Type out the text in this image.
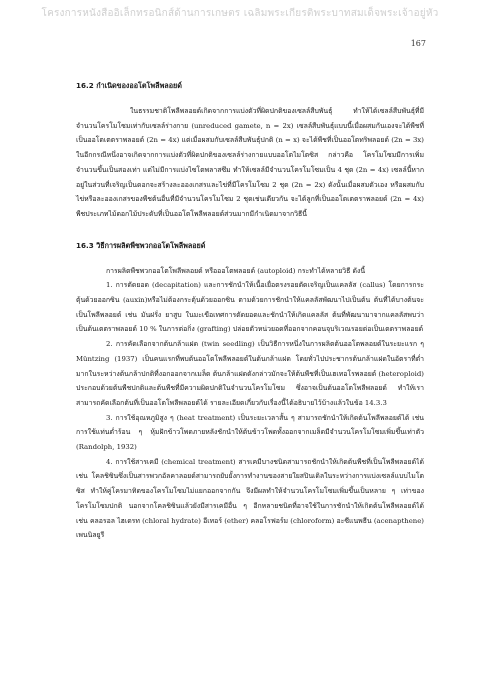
โครงการหนังสืออิเล็กทรอนิกส์ด้านการเกษตร เฉลิมพระเกียรติพระบาทสมเด็จพระเจ้าอยู่หัว
167
16.2 กำเนิดของออโตโพลีพลอยด์

ในธรรมชาติโพลีพลอยด์เกิดจากการแบ่งตัวที่ผิดปกติของเซลล์สืบพันธุ์ ทำให้ได้เซลล์สืบพันธุ์ที่มีจำนวนโครโมโซมเท่ากับเซลล์ร่างกาย (unreduced gamete, n = 2x) เซลล์สืบพันธุ์แบบนี้เมื่อผสมกันเองจะได้พืชที่เป็นออโตเตตราพลอยด์ (2n = 4x) แต่เมื่อผสมกับเซลล์สืบพันธุ์ปกติ (n = x) จะได้พืชที่เป็นออโตทริพลอยด์ (2n = 3x) ในอีกกรณีหนึ่งอาจเกิดจากการแบ่งตัวที่ผิดปกติของเซลล์ร่างกายแบบออโตไมโตซิส กล่าวคือ โครโมโซมมีการเพิ่มจำนวนขึ้นเป็นสองเท่า แต่ไม่มีการแบ่งไซโตพลาสซึม ทำให้เซลล์มีจำนวนโครโมโซมเป็น 4 ชุด (2n = 4x) เซลล์นี้หากอยู่ในส่วนที่เจริญเป็นดอกจะสร้างละอองเกสรและไข่ที่มีโครโมโซม 2 ชุด (2n = 2x) ดังนั้นเมื่อผสมตัวเอง หรือผสมกับไข่หรือละอองเกสรของพืชต้นอื่นที่มีจำนวนโครโมโซม 2 ชุดเช่นเดียวกัน จะได้ลูกที่เป็นออโตเตตราพลอยด์ (2n = 4x) พืชประเภทไม้ดอกไม้ประดับที่เป็นออโตโพลีพลอยด์ส่วนมากมีกำเนิดมาจากวิธีนี้

16.3 วิธีการผลิตพืชพวกออโตโพลีพลอยด์

การผลิตพืชพวกออโตโพลีพลอยด์ หรือออโตพลอยด์ (autoploid) กระทำได้หลายวิธี ดังนี้

1. การตัดยอด (decapitation) และการชักนำให้เนื้อเยื่อตรงรอยตัดเจริญเป็นแคลลัส (callus) โดยการกระตุ้นด้วยออกซิน (auxin)หรือไม่ต้องกระตุ้นด้วยออกซิน ตามด้วยการชักนำให้แคลลัสพัฒนาไปเป็นต้น ต้นที่ได้บางต้นจะเป็นโพลีพลอยด์ เช่น มันฝรั่ง ยาสูบ ในมะเขือเทศการตัดยอดและชักนำให้เกิดแคลลัส ต้นที่พัฒนามาจากแคลลัสพบว่า เป็นต้นเตตราพลอยด์ 10 % ในการต่อกิ่ง (grafting) ปล่อยตัวหน่วยอดที่ออกจากคอนจุบริเวณรอยต่อเป็นเตตราพลอยด์

2. การคัดเลือกจากต้นกล้าแฝด (twin seedling) เป็นวิธีการหนึ่งในการผลิตต้นออโตพลอยด์ในระยะแรก ๆ Müntzing (1937) เป็นคนแรกที่พบต้นออโตโพลีพลอยด์ในต้นกล้าแฝด โดยทั่วไปประชากรต้นกล้าแฝดในอัตราที่ต่ำมากในระหว่างต้นกล้าปกติที่งอกออกจากเมล็ด ต้นกล้าแฝดดังกล่าวมักจะให้ต้นพืชที่เป็นเฮเทอโรพลอยด์ (heteroploid) ประกอบด้วยต้นพืชปกติและต้นพืชที่มีความผิดปกติในจำนวนโครโมโซม ซึ่งอาจเป็นต้นออโตโพลีพลอยด์ ทำให้เราสามารถคัดเลือกต้นที่เป็นออโตโพลีพลอยด์ได้ รายละเอียดเกี่ยวกับเรื่องนี้ได้อธิบายไว้บ้างแล้วในข้อ 14.3.3

3. การใช้อุณหภูมิสูง ๆ (heat treatment) เป็นระยะเวลาสั้น ๆ สามารถชักนำให้เกิดต้นโพลีพลอยด์ได้ เช่น การใช้แท่นต่ำร้อน ๆ หุ้มฝักข้าวโพดภายหลังชักนำให้ต้นข้าวโพดทั้งออกจากเมล็ดมีจำนวนโครโมโซมเพิ่มขึ้นเท่าตัว (Randolph, 1932)

4. การใช้สารเคมี (chemical treatment) สารเคมีบางชนิดสามารถชักนำให้เกิดต้นพืชที่เป็นโพลีพลอยด์ได้ เช่น โคลชิซินซึ่งเป็นสารพวกอัลคาลอยด์สามารถยับยั้งการทำงานของสายใยสปินเดิลในระหว่างการแบ่งเซลล์แบบไมโตซิส ทำให้คู่โครมาทิดของโครโมโซมไม่แยกออกจากกัน จึงมีผลทำให้จำนวนโครโมโซมเพิ่มขึ้นเป็นหลาย ๆ เท่าของโครโมโซมปกติ นอกจากโคลชิซินแล้วยังมีสารเคมีอื่น ๆ อีกหลายชนิดที่อาจใช้ในการชักนำให้เกิดต้นโพลีพลอยด์ได้ เช่น คลอรอล ไฮเดรท (chloral hydrate) อีเทอร์ (ether) คลอโรฟอร์ม (chloroform) อะซีแนพธีน (acenapthene) เพนนิลยูรี
